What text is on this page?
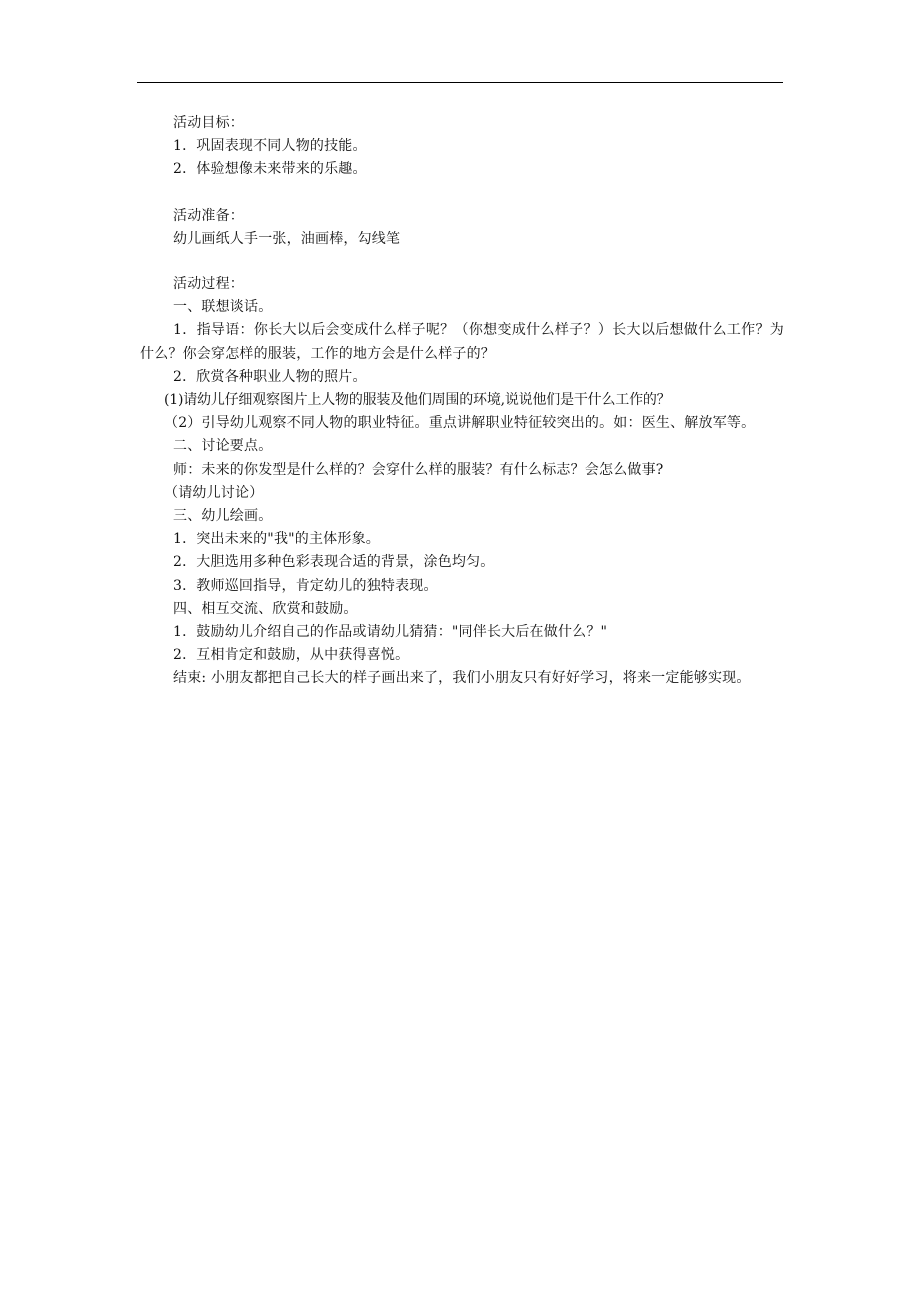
活动目标：
1．巩固表现不同人物的技能。
2．体验想像未来带来的乐趣。
活动准备：
幼儿画纸人手一张，油画棒，勾线笔
活动过程：
一、联想谈话。
1．指导语：你长大以后会变成什么样子呢？（你想变成什么样子？）长大以后想做什么工作？为什么？你会穿怎样的服装，工作的地方会是什么样子的？
2．欣赏各种职业人物的照片。
(1)请幼儿仔细观察图片上人物的服装及他们周围的环境,说说他们是干什么工作的？
（2）引导幼儿观察不同人物的职业特征。重点讲解职业特征较突出的。如：医生、解放军等。
二、讨论要点。
师：未来的你发型是什么样的？会穿什么样的服装？有什么标志？会怎么做事?
（请幼儿讨论）
三、幼儿绘画。
1．突出未来的"我"的主体形象。
2．大胆选用多种色彩表现合适的背景，涂色均匀。
3．教师巡回指导，肯定幼儿的独特表现。
四、相互交流、欣赏和鼓励。
1．鼓励幼儿介绍自己的作品或请幼儿猜猜："同伴长大后在做什么？"
2．互相肯定和鼓励，从中获得喜悦。
结束: 小朋友都把自己长大的样子画出来了，我们小朋友只有好好学习，将来一定能够实现。
